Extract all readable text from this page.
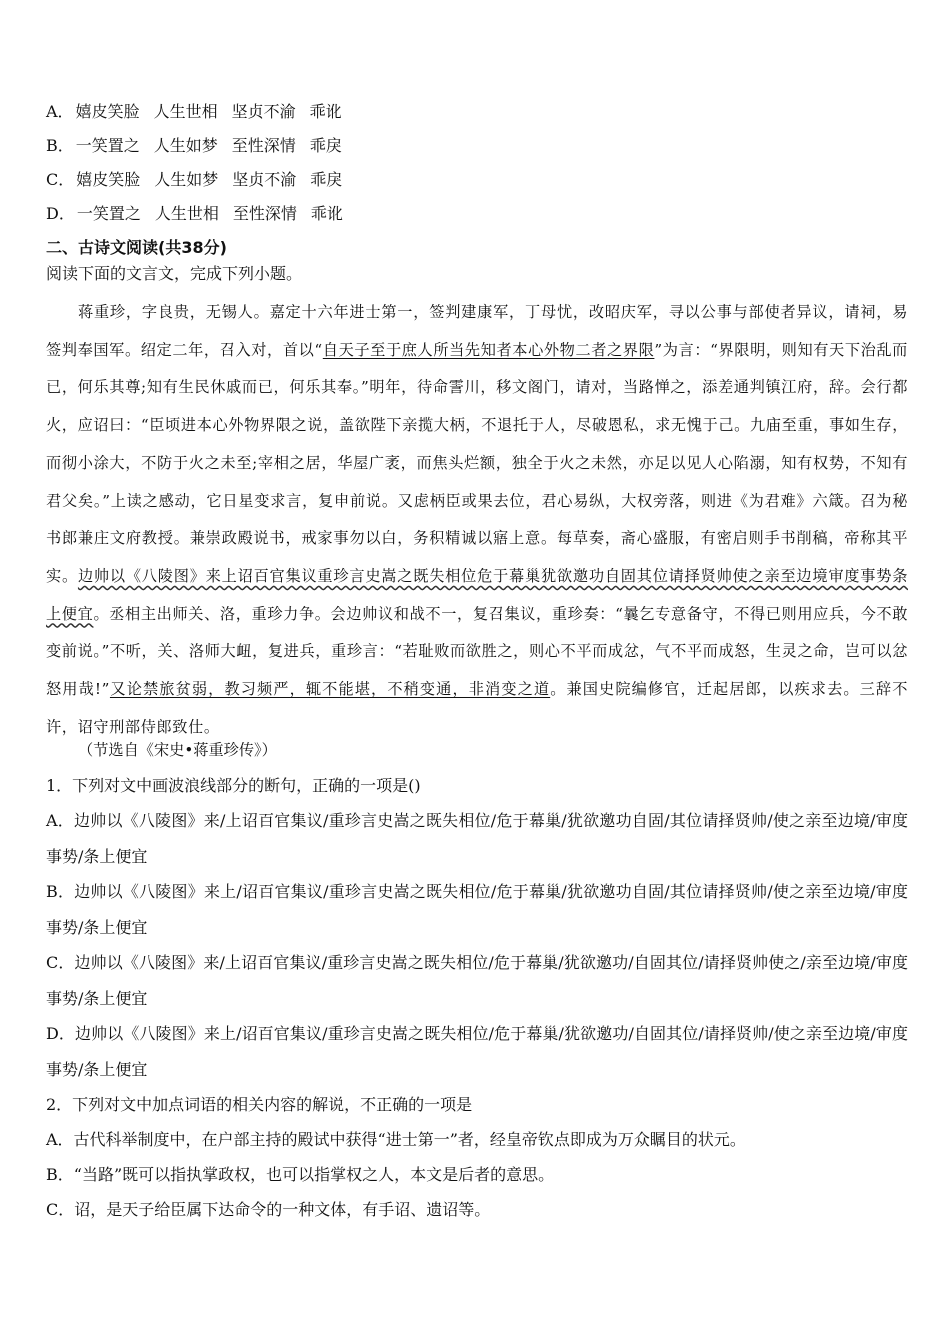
A． 嬉皮笑脸 人生世相 坚贞不渝 乖讹
B． 一笑置之 人生如梦 至性深情 乖戾
C． 嬉皮笑脸 人生如梦 坚贞不渝 乖戾
D． 一笑置之 人生世相 至性深情 乖讹
二、古诗文阅读(共38分)
阅读下面的文言文，完成下列小题。
蒋重珍，字良贵，无锡人。嘉定十六年进士第一，签判建康军，丁母忧，改昭庆军，寻以公事与部使者异议，请祠，易签判奉国军。绍定二年，召入对，首以“自天子至于庶人所当先知者本心外物二者之界限”为言：“界限明，则知有天下治乱而已，何乐其尊;知有生民休戚而已，何乐其奉。”明年，待命霅川，移文阁门，请对，当路惮之，添差通判镇江府，辞。会行都火，应诏曰：“臣顷进本心外物界限之说，盖欲陛下亲揽大柄，不退托于人，尽破恩私，求无愧于己。九庙至重，事如生存，而彻小涂大，不防于火之未至;宰相之居，华屋广袤，而焦头烂额，独全于火之未然，亦足以见人心陷溺，知有权势，不知有君父矣。”上读之感动，它日星变求言，复申前说。又虑柄臣或果去位，君心易纵，大权旁落，则进《为君难》六箴。召为秘书郎兼庄文府教授。兼崇政殿说书，戒家事勿以白，务积精诚以寤上意。每草奏，斋心盛服，有密启则手书削稿，帝称其平实。边帅以《八陵图》来上诏百官集议重珍言史嵩之既失相位危于幕巢犹欲邀功自固其位请择贤帅使之亲至边境审度事势条上便宜。丞相主出师关、洛，重珍力争。会边帅议和战不一，复召集议，重珍奏：“曩乞专意备守，不得已则用应兵，今不敢变前说。”不听，关、洛师大衄，复进兵，重珍言：“若耻败而欲胜之，则心不平而成忿，气不平而成怒，生灵之命，岂可以忿怒用哉!”又论禁旅贫弱，教习频严，辄不能堪，不稍变通，非消变之道。兼国史院编修官，迁起居郎，以疾求去。三辞不许，诏守刑部侍郎致仕。
（节选自《宋史•蒋重珍传》）
1．下列对文中画波浪线部分的断句，正确的一项是()
A．边帅以《八陵图》来/上诏百官集议/重珍言史嵩之既失相位/危于幕巢/犹欲邀功自固/其位请择贤帅/使之亲至边境/审度事势/条上便宜
B．边帅以《八陵图》来上/诏百官集议/重珍言史嵩之既失相位/危于幕巢/犹欲邀功自固/其位请择贤帅/使之亲至边境/审度事势/条上便宜
C．边帅以《八陵图》来/上诏百官集议/重珍言史嵩之既失相位/危于幕巢/犹欲邀功/自固其位/请择贤帅使之/亲至边境/审度事势/条上便宜
D．边帅以《八陵图》来上/诏百官集议/重珍言史嵩之既失相位/危于幕巢/犹欲邀功/自固其位/请择贤帅/使之亲至边境/审度事势/条上便宜
2．下列对文中加点词语的相关内容的解说，不正确的一项是
A．古代科举制度中，在户部主持的殿试中获得“进士第一”者，经皇帝钦点即成为万众瞩目的状元。
B．“当路”既可以指执掌政权，也可以指掌权之人，本文是后者的意思。
C．诏，是天子给臣属下达命令的一种文体，有手诏、遗诏等。
